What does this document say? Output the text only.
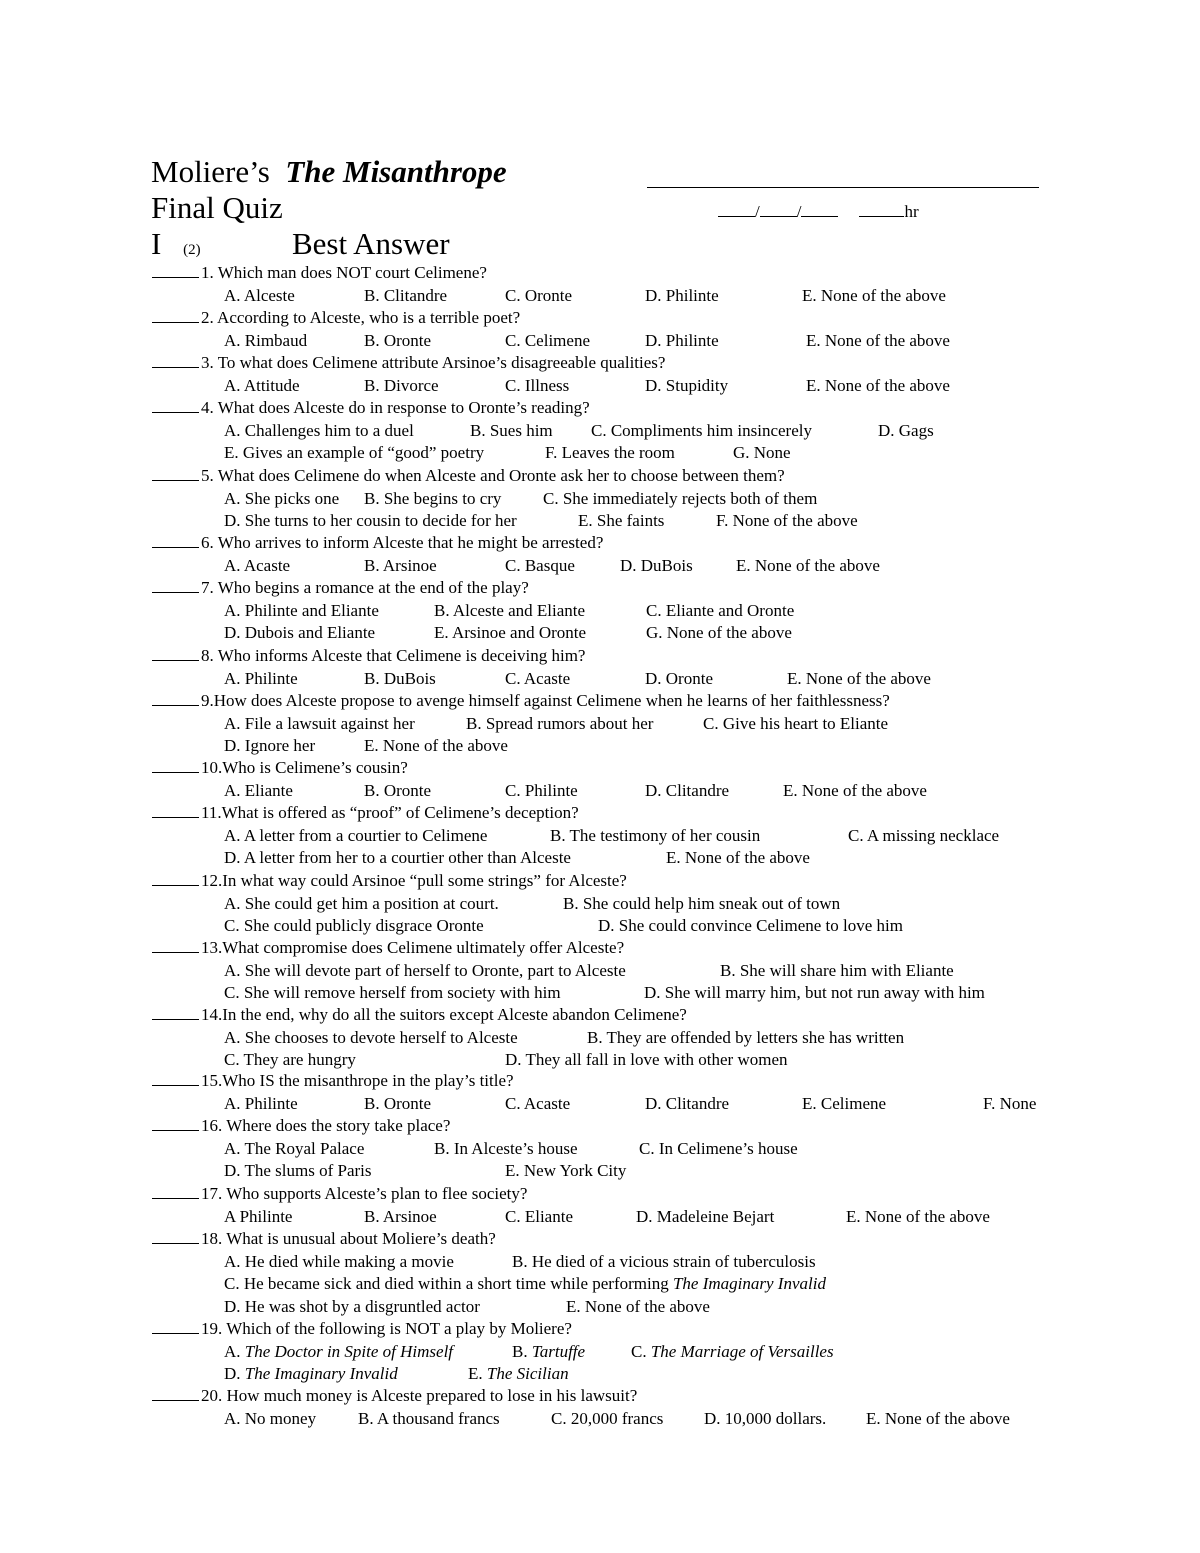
Moliere’s The Misanthrope
Final Quiz	/ /	hr
I (2)	Best Answer
1. Which man does NOT court Celimene?
A. Alceste	B. Clitandre	C. Oronte	D. Philinte	E. None of the above
2. According to Alceste, who is a terrible poet?
A. Rimbaud	B. Oronte	C. Celimene	D. Philinte	E. None of the above
3. To what does Celimene attribute Arsinoe’s disagreeable qualities?
A. Attitude	B. Divorce	C. Illness	D. Stupidity	E. None of the above
4. What does Alceste do in response to Oronte’s reading?
A. Challenges him to a duel	B. Sues him C. Compliments him insincerely	D. Gags
E. Gives an example of “good” poetry	F. Leaves the room	G. None
5. What does Celimene do when Alceste and Oronte ask her to choose between them?
A. She picks one B. She begins to cry C. She immediately rejects both of them
D. She turns to her cousin to decide for her	E. She faints	F. None of the above
6. Who arrives to inform Alceste that he might be arrested?
A. Acaste	B. Arsinoe	C. Basque	D. DuBois	E. None of the above
7. Who begins a romance at the end of the play?
A. Philinte and Eliante	B. Alceste and Eliante	C. Eliante and Oronte
D. Dubois and Eliante	E. Arsinoe and Oronte	G. None of the above
8. Who informs Alceste that Celimene is deceiving him?
A. Philinte	B. DuBois	C. Acaste	D. Oronte	E. None of the above
9.How does Alceste propose to avenge himself against Celimene when he learns of her faithlessness?
A. File a lawsuit against her	B. Spread rumors about her	C. Give his heart to Eliante
D. Ignore her	E. None of the above
10.Who is Celimene’s cousin?
A. Eliante	B. Oronte	C. Philinte	D. Clitandre	E. None of the above
11.What is offered as “proof” of Celimene’s deception?
A. A letter from a courtier to Celimene	B. The testimony of her cousin	C. A missing necklace
D. A letter from her to a courtier other than Alceste	E. None of the above
12.In what way could Arsinoe “pull some strings” for Alceste?
A. She could get him a position at court.	B. She could help him sneak out of town
C. She could publicly disgrace Oronte	D. She could convince Celimene to love him
13.What compromise does Celimene ultimately offer Alceste?
A. She will devote part of herself to Oronte, part to Alceste	B. She will share him with Eliante
C. She will remove herself from society with him	D. She will marry him, but not run away with him
14.In the end, why do all the suitors except Alceste abandon Celimene?
A. She chooses to devote herself to Alceste	B. They are offended by letters she has written
C. They are hungry	D. They all fall in love with other women
15.Who IS the misanthrope in the play’s title?
A. Philinte	B. Oronte	C. Acaste	D. Clitandre	E. Celimene	F. None
16. Where does the story take place?
A. The Royal Palace	B. In Alceste’s house	C. In Celimene’s house
D. The slums of Paris	E. New York City
17. Who supports Alceste’s plan to flee society?
A Philinte	B. Arsinoe	C. Eliante	D. Madeleine Bejart	E. None of the above
18. What is unusual about Moliere’s death?
A. He died while making a movie	B. He died of a vicious strain of tuberculosis
C. He became sick and died within a short time while performing The Imaginary Invalid
D. He was shot by a disgruntled actor	E. None of the above
19. Which of the following is NOT a play by Moliere?
A. The Doctor in Spite of Himself	B. Tartuffe	C. The Marriage of Versailles
D. The Imaginary Invalid	E. The Sicilian
20. How much money is Alceste prepared to lose in his lawsuit?
A. No money B. A thousand francs	C. 20,000 francs D. 10,000 dollars. E. None of the above
